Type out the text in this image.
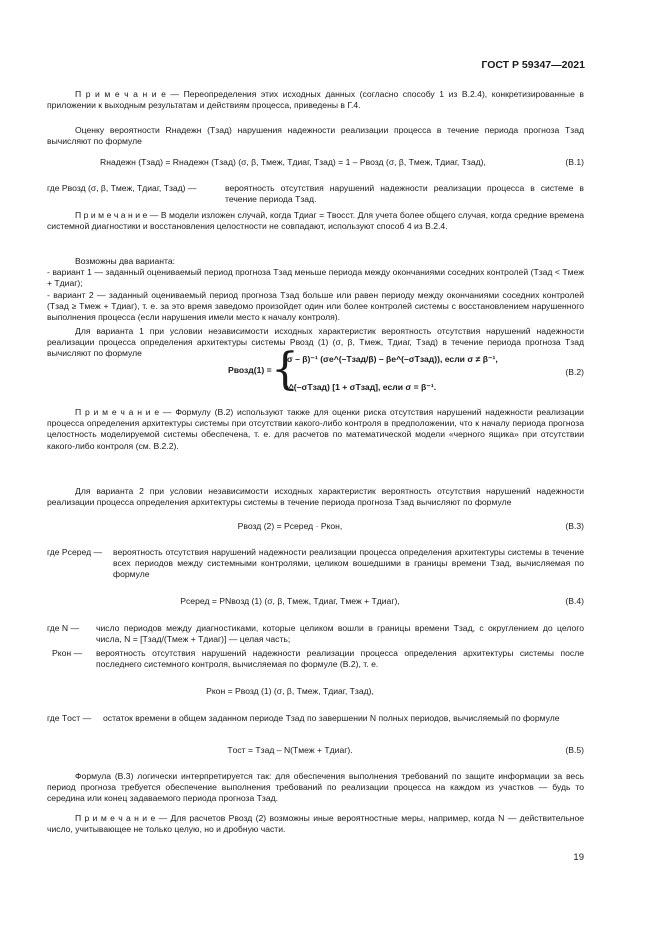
ГОСТ Р 59347—2021
П р и м е ч а н и е — Переопределения этих исходных данных (согласно способу 1 из В.2.4), конкретизированные в приложении к выходным результатам и действиям процесса, приведены в Г.4.
Оценку вероятности Rнадежн (Tзад) нарушения надежности реализации процесса в течение периода прогноза Tзад вычисляют по формуле
Rнадежн (Tзад) = Rнадежн (Tзад) (σ, β, Tмеж, Tдиаг, Tзад) = 1 – Pвозд (σ, β, Tмеж, Tдиаг, Tзад),	(В.1)
где Pвозд (σ, β, Tмеж, Tдиаг, Tзад) —	вероятность отсутствия нарушений надежности реализации процесса в системе в течение периода Tзад.
П р и м е ч а н и е — В модели изложен случай, когда Tдиаг = Tвосст. Для учета более общего случая, когда средние времена системной диагностики и восстановления целостности не совпадают, используют способ 4 из В.2.4.
Возможны два варианта:
- вариант 1 — заданный оцениваемый период прогноза Tзад меньше периода между окончаниями соседних контролей (Tзад < Tмеж + Tдиаг);
- вариант 2 — заданный оцениваемый период прогноза Tзад больше или равен периоду между окончаниями соседних контролей (Tзад ≥ Tмеж + Tдиаг), т. е. за это время заведомо произойдет один или более контролей системы с восстановлением нарушенного выполнения процесса (если нарушения имели место к началу контроля).
Для варианта 1 при условии независимости исходных характеристик вероятность отсутствия нарушений надежности реализации процесса определения архитектуры системы Pвозд (1) (σ, β, Tмеж, Tдиаг, Tзад) в течение периода прогноза Tзад вычисляют по формуле
Pвозд(1) = {
(σ – β)⁻¹ (σe^(–Tзад/β) – βe^(–σTзад)), если σ ≠ β⁻¹,
e^(–σTзад) [1 + σTзад], если σ = β⁻¹.
(В.2)
П р и м е ч а н и е — Формулу (В.2) используют также для оценки риска отсутствия нарушений надежности реализации процесса определения архитектуры системы при отсутствии какого-либо контроля в предположении, что к началу периода прогноза целостность моделируемой системы обеспечена, т. е. для расчетов по математической модели «черного ящика» при отсутствии какого-либо контроля (см. В.2.2).
Для варианта 2 при условии независимости исходных характеристик вероятность отсутствия нарушений надежности реализации процесса определения архитектуры системы в течение периода прогноза Tзад вычисляют по формуле
Pвозд (2) = Pсеред · Pкон,	(В.3)
где Pсеред — вероятность отсутствия нарушений надежности реализации процесса определения архитектуры системы в течение всех периодов между системными контролями, целиком вошедшими в границы времени Tзад, вычисляемая по формуле
Pсеред = PNвозд (1) (σ, β, Tмеж, Tдиаг, Tмеж + Tдиаг),	(В.4)
где N — число периодов между диагностиками, которые целиком вошли в границы времени Tзад, с округлением до целого числа, N = [Tзад/(Tмеж + Tдиаг)] — целая часть;
Pкон — вероятность отсутствия нарушений надежности реализации процесса определения архитектуры системы после последнего системного контроля, вычисляемая по формуле (В.2), т. е.
Pкон = Pвозд (1) (σ, β, Tмеж, Tдиаг, Tзад),
где Tост — остаток времени в общем заданном периоде Tзад по завершении N полных периодов, вычисляемый по формуле
Tост = Tзад – N(Tмеж + Tдиаг).	(В.5)
Формула (В.3) логически интерпретируется так: для обеспечения выполнения требований по защите информации за весь период прогноза требуется обеспечение выполнения требований по реализации процесса на каждом из участков — будь то середина или конец задаваемого периода прогноза Tзад.
П р и м е ч а н и е — Для расчетов Pвозд (2) возможны иные вероятностные меры, например, когда N — действительное число, учитывающее не только целую, но и дробную части.
19
